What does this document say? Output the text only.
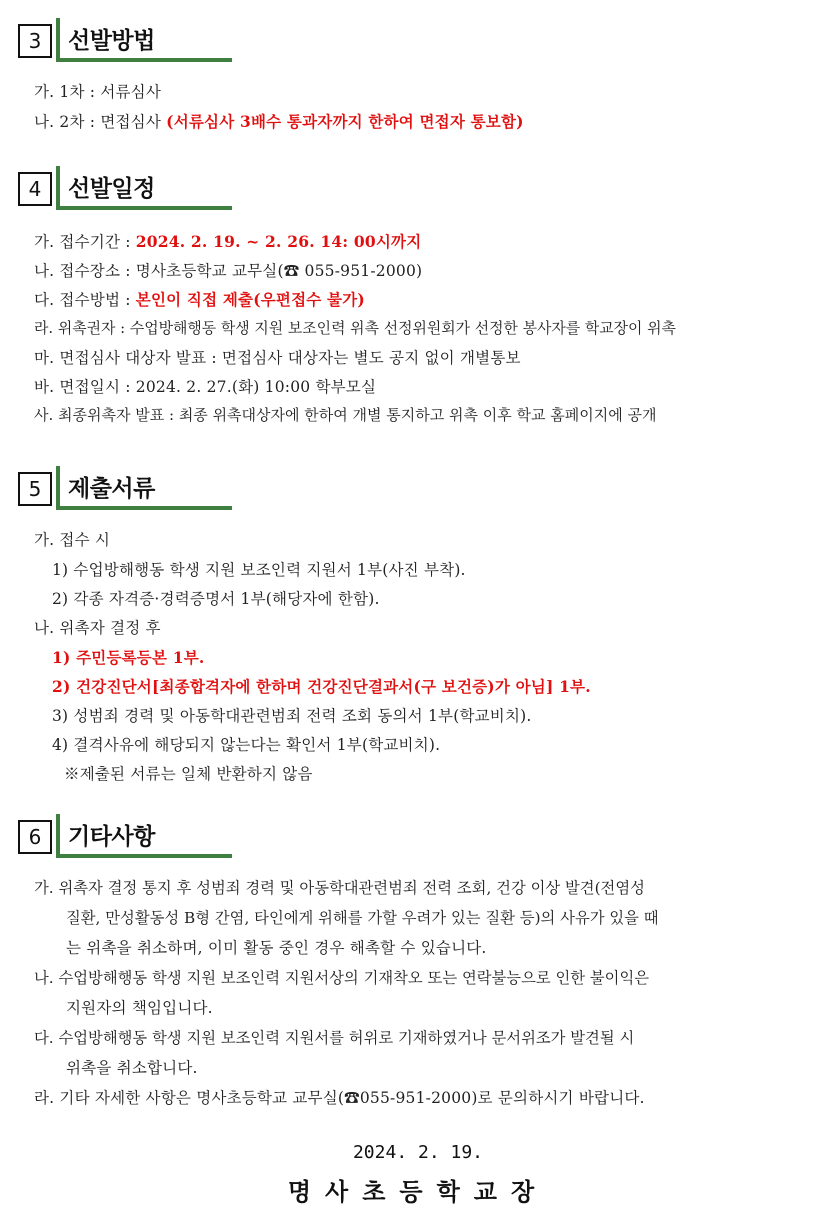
3	선발방법
가. 1차 : 서류심사
나. 2차 : 면접심사 (서류심사 3배수 통과자까지 한하여 면접자 통보함)
4	선발일정
가. 접수기간 : 2024. 2. 19. ~ 2. 26. 14: 00시까지
나. 접수장소 : 명사초등학교 교무실(☎ 055-951-2000)
다. 접수방법 : 본인이 직접 제출(우편접수 불가)
라. 위촉권자 : 수업방해행동 학생 지원 보조인력 위촉 선정위원회가 선정한 봉사자를 학교장이 위촉
마. 면접심사 대상자 발표 : 면접심사 대상자는 별도 공지 없이 개별통보
바. 면접일시 : 2024. 2. 27.(화) 10:00 학부모실
사. 최종위촉자 발표 : 최종 위촉대상자에 한하여 개별 통지하고 위촉 이후 학교 홈페이지에 공개
5	제출서류
가. 접수 시
1) 수업방해행동 학생 지원 보조인력 지원서 1부(사진 부착).
2) 각종 자격증·경력증명서 1부(해당자에 한함).
나. 위촉자 결정 후
1) 주민등록등본 1부.
2) 건강진단서[최종합격자에 한하며 건강진단결과서(구 보건증)가 아님] 1부.
3) 성범죄 경력 및 아동학대관련범죄 전력 조회 동의서 1부(학교비치).
4) 결격사유에 해당되지 않는다는 확인서 1부(학교비치).
※제출된 서류는 일체 반환하지 않음
6	기타사항
가. 위촉자 결정 통지 후 성범죄 경력 및 아동학대관련범죄 전력 조회, 건강 이상 발견(전염성
질환, 만성활동성 B형 간염, 타인에게 위해를 가할 우려가 있는 질환 등)의 사유가 있을 때
는 위촉을 취소하며, 이미 활동 중인 경우 해촉할 수 있습니다.
나. 수업방해행동 학생 지원 보조인력 지원서상의 기재착오 또는 연락불능으로 인한 불이익은
지원자의 책임입니다.
다. 수업방해행동 학생 지원 보조인력 지원서를 허위로 기재하였거나 문서위조가 발견될 시
위촉을 취소합니다.
라. 기타 자세한 사항은 명사초등학교 교무실(☎055-951-2000)로 문의하시기 바랍니다.
2024. 2. 19.
명사초등학교장
